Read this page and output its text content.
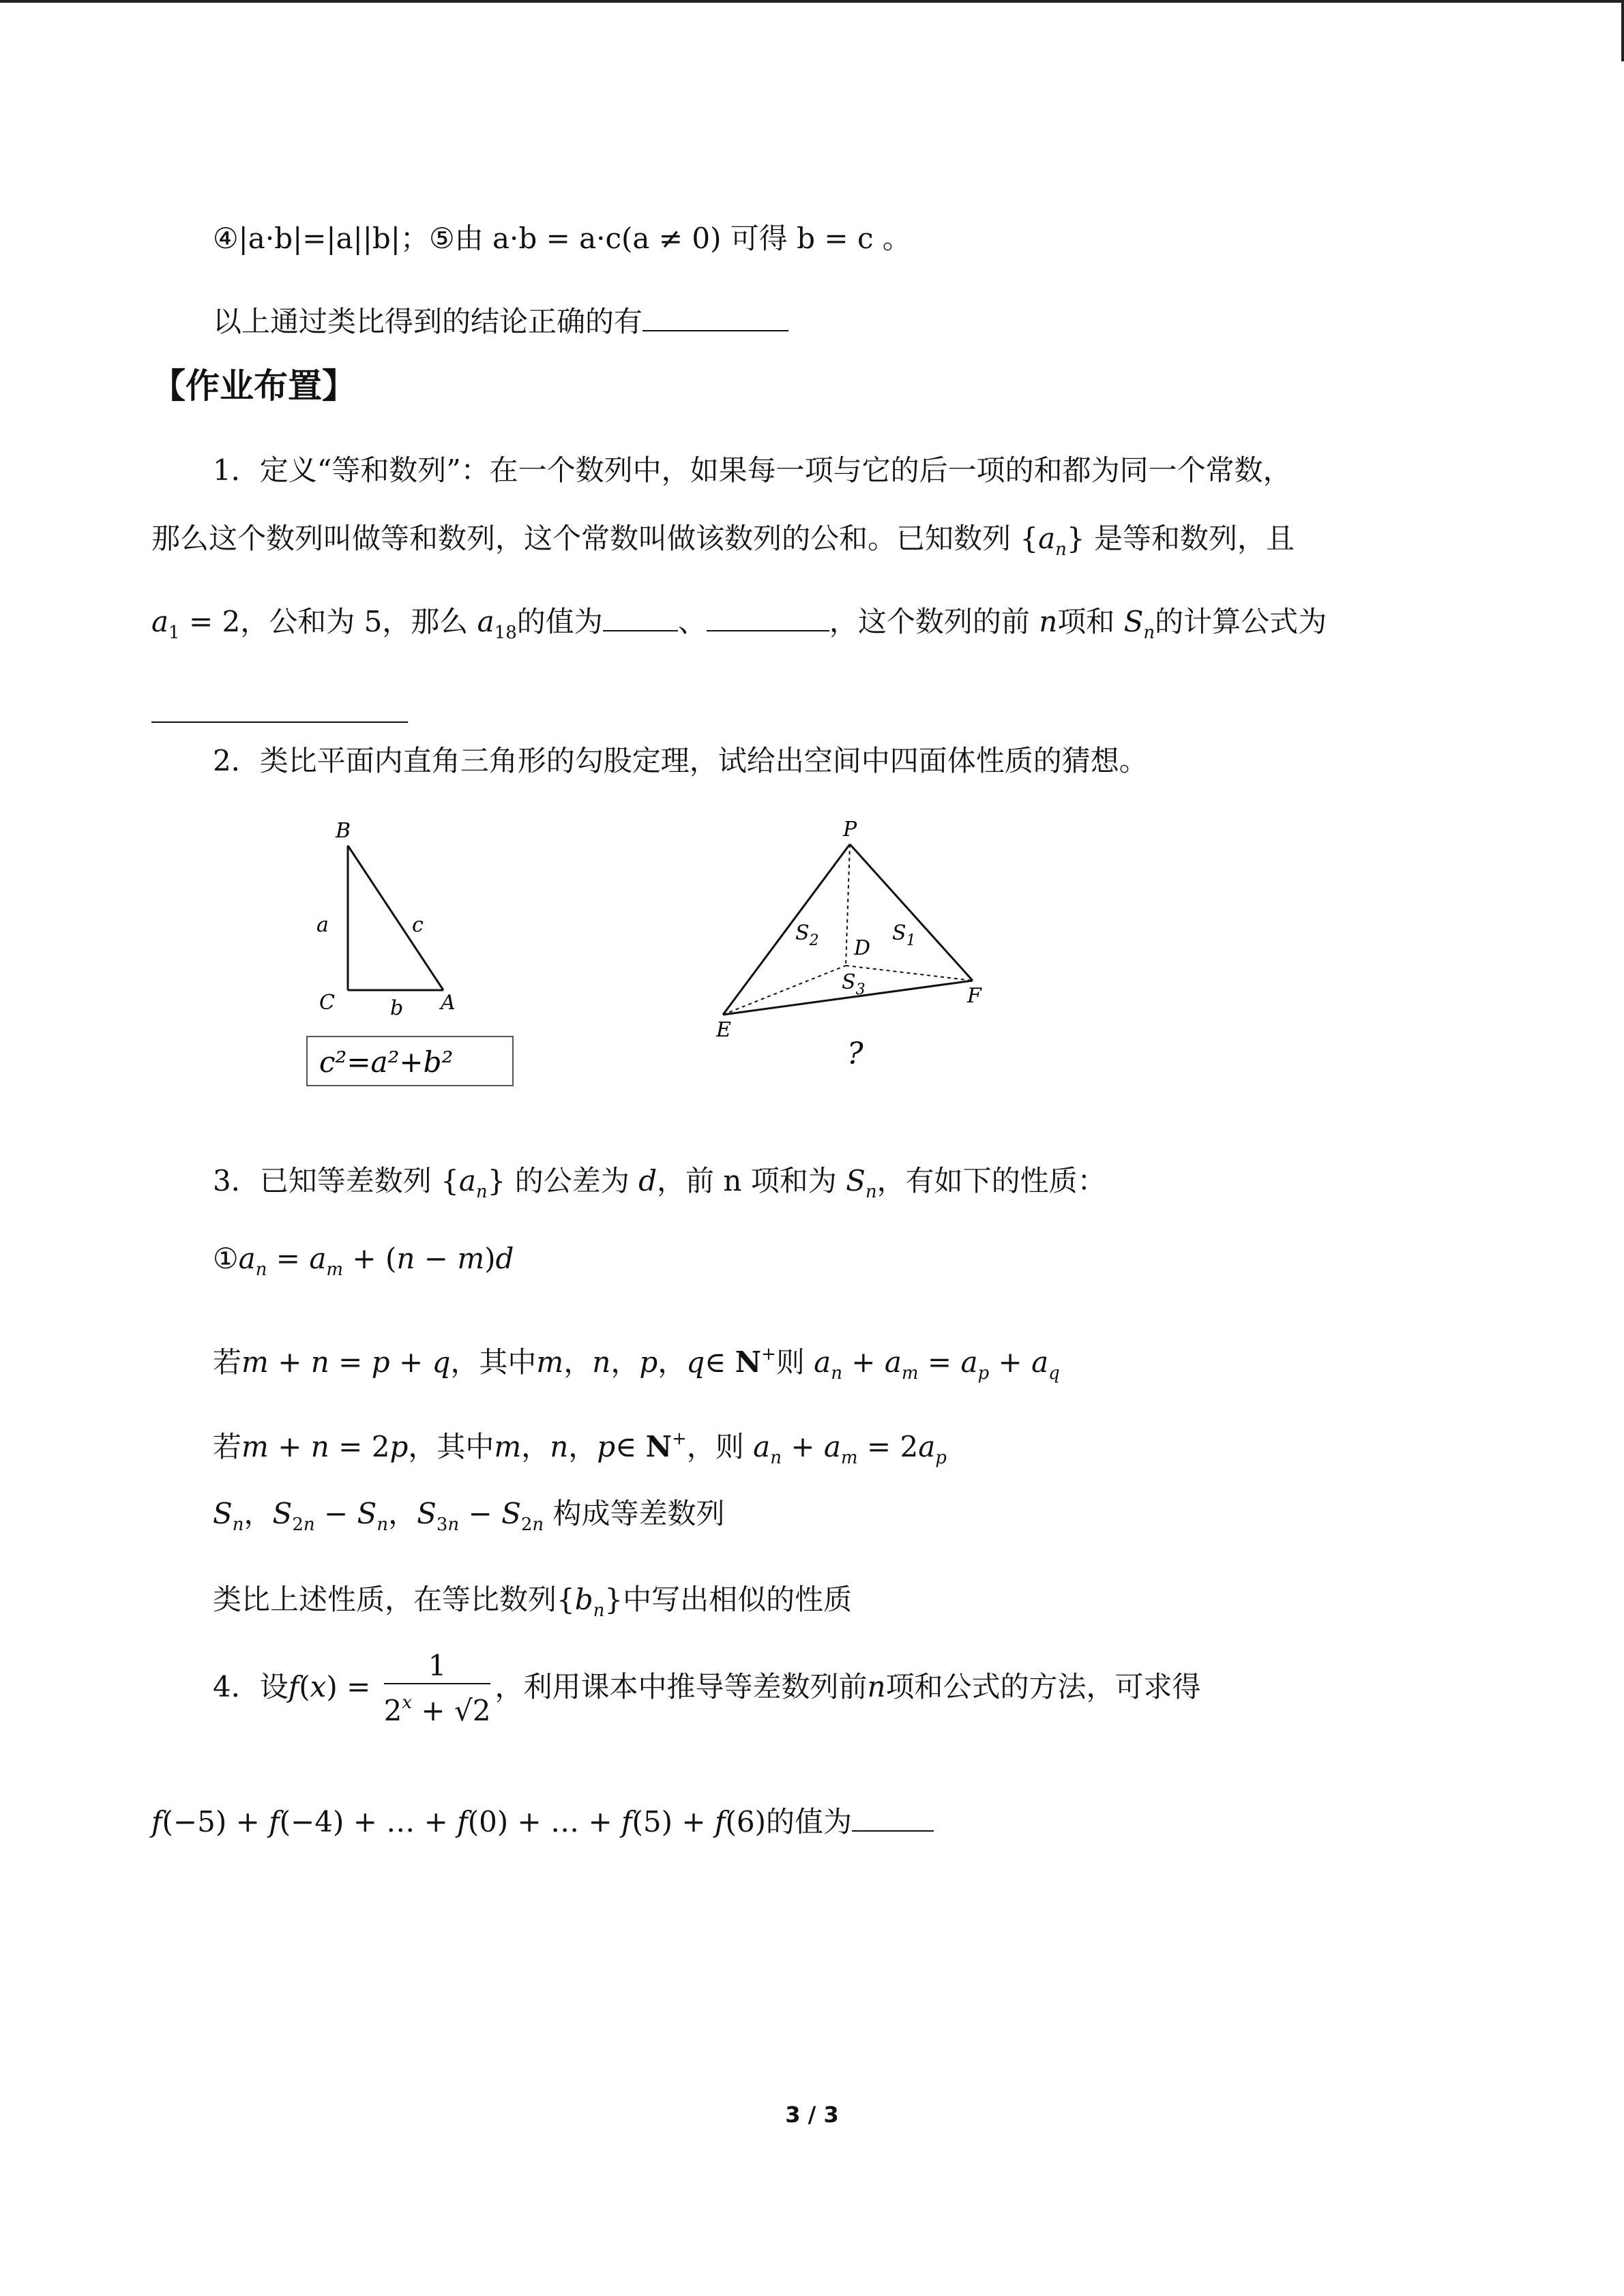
④|a·b|=|a||b|；⑤由 a·b = a·c(a ≠ 0) 可得 b = c 。
以上通过类比得到的结论正确的有
【作业布置】
1．定义“等和数列”：在一个数列中，如果每一项与它的后一项的和都为同一个常数，
那么这个数列叫做等和数列，这个常数叫做该数列的公和。已知数列 $\{a_n\}$ 是等和数列，且
$a_1 = 2$，公和为 5，那么 $a_{18}$的值为	、	，这个数列的前 n项和 $S_n$的计算公式为
2．类比平面内直角三角形的勾股定理，试给出空间中四面体性质的猜想。
B
C	A
a	c
b
c²=a²+b²
P
D
E
F
$S_2$	$S_1$
$S_3$
?
3．已知等差数列 $\{a_n\}$ 的公差为 d，前 n 项和为 $S_n$，有如下的性质：
$①a_n = a_m + (n - m)d$
若m + n = p + q，其中m，n，p，q∈ N+则 $a_n + a_m = a_p + a_q$
若m + n = 2p，其中m，n，p∈ N+，则 $a_n + a_m = 2a_p$
$S_n$，$S_{2n} - S_n$，$S_{3n} - S_{2n}$ 构成等差数列
类比上述性质，在等比数列$\{b_n\}$中写出相似的性质
4．设$f(x) = \frac{1}{2^x + √2}$ ，利用课本中推导等差数列前n项和公式的方法，可求得
f(−5) + f(−4) + … + f(0) + … + f(5) + f(6)的值为
3 / 3
